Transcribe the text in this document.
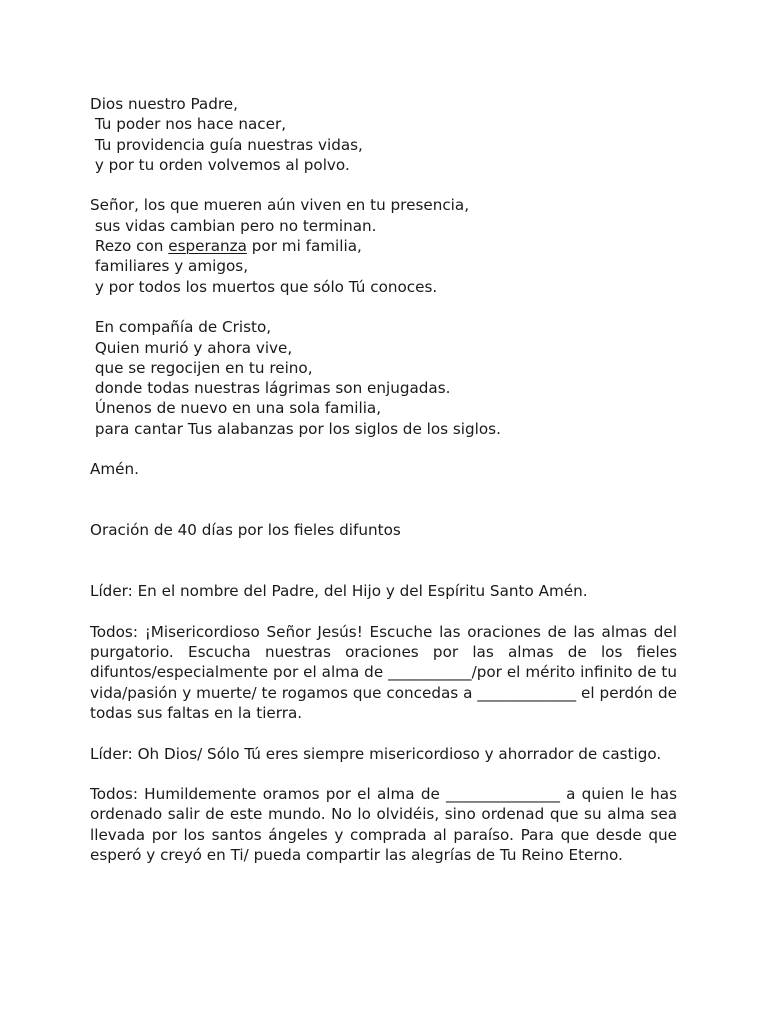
Dios nuestro Padre,
Tu poder nos hace nacer,
Tu providencia guía nuestras vidas,
y por tu orden volvemos al polvo.
Señor, los que mueren aún viven en tu presencia,
sus vidas cambian pero no terminan.
Rezo con esperanza por mi familia,
familiares y amigos,
y por todos los muertos que sólo Tú conoces.
En compañía de Cristo,
Quien murió y ahora vive,
que se regocijen en tu reino,
donde todas nuestras lágrimas son enjugadas.
Únenos de nuevo en una sola familia,
para cantar Tus alabanzas por los siglos de los siglos.
Amén.
Oración de 40 días por los fieles difuntos

Líder: En el nombre del Padre, del Hijo y del Espíritu Santo Amén.

Todos: ¡Misericordioso Señor Jesús! Escuche las oraciones de las almas del purgatorio. Escucha nuestras oraciones por las almas de los fieles difuntos/especialmente por el alma de ___________/por el mérito infinito de tu vida/pasión y muerte/ te rogamos que concedas a _____________ el perdón de todas sus faltas en la tierra.

Líder: Oh Dios/ Sólo Tú eres siempre misericordioso y ahorrador de castigo.

Todos: Humildemente oramos por el alma de _______________ a quien le has ordenado salir de este mundo. No lo olvidéis, sino ordenad que su alma sea llevada por los santos ángeles y comprada al paraíso. Para que desde que esperó y creyó en Ti/ pueda compartir las alegrías de Tu Reino Eterno.
